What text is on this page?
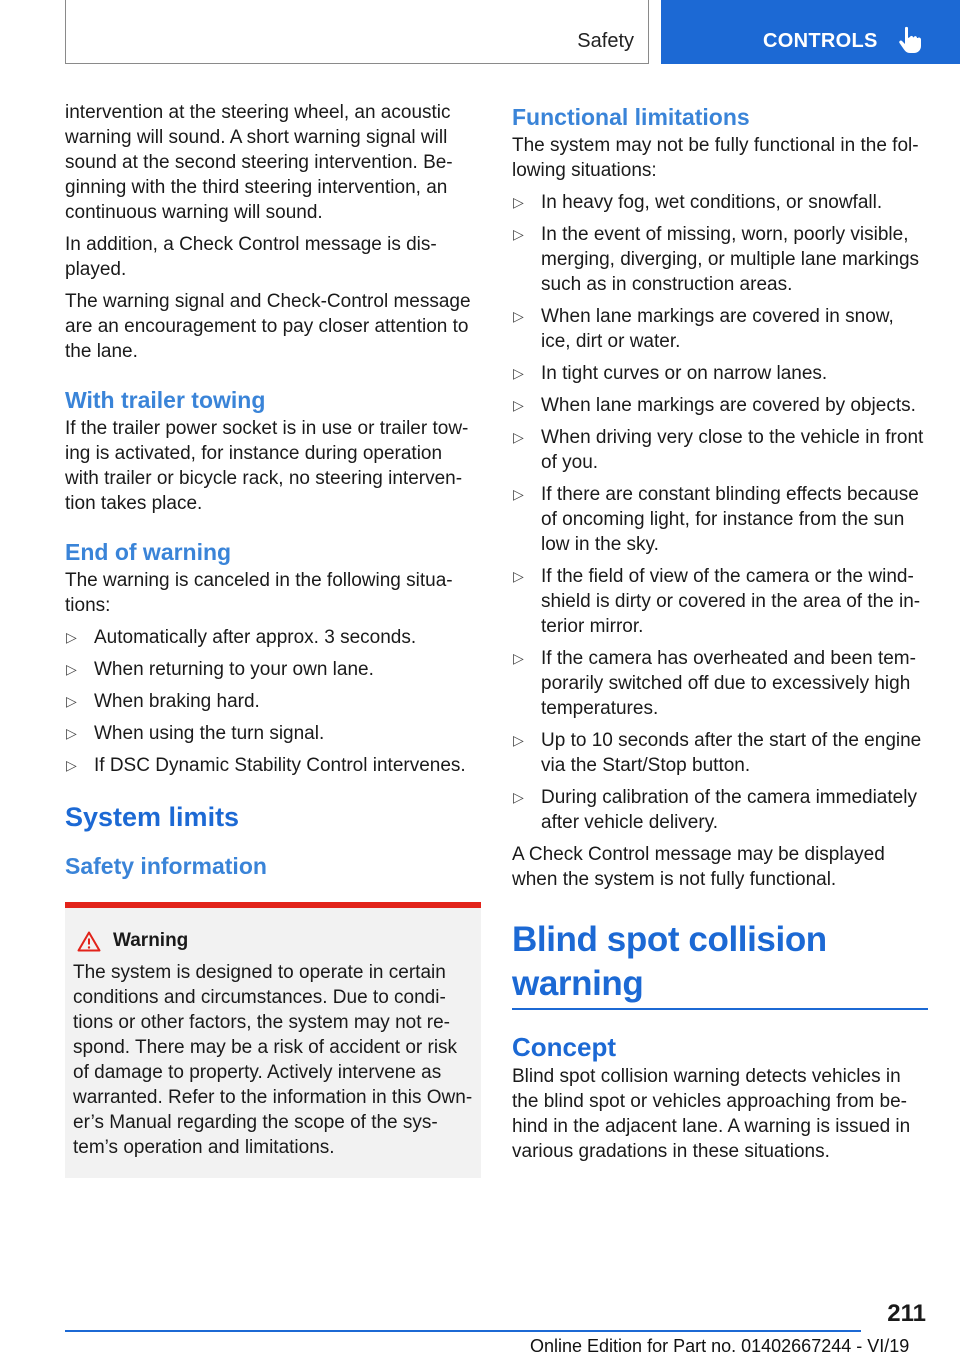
Safety	CONTROLS

intervention at the steering wheel, an acoustic warning will sound. A short warning signal will sound at the second steering intervention. Be‐ginning with the third steering intervention, an continuous warning will sound.

In addition, a Check Control message is dis‐played.

The warning signal and Check-Control message are an encouragement to pay closer attention to the lane.

With trailer towing

If the trailer power socket is in use or trailer tow‐ing is activated, for instance during operation with trailer or bicycle rack, no steering interven‐tion takes place.

End of warning

The warning is canceled in the following situa‐tions:

▷ Automatically after approx. 3 seconds.
▷ When returning to your own lane.
▷ When braking hard.
▷ When using the turn signal.
▷ If DSC Dynamic Stability Control intervenes.
System limits
Safety information
Warning

The system is designed to operate in certain conditions and circumstances. Due to condi‐tions or other factors, the system may not re‐spond. There may be a risk of accident or risk of damage to property. Actively intervene as warranted. Refer to the information in this Own‐er’s Manual regarding the scope of the sys‐tem’s operation and limitations.

Functional limitations

The system may not be fully functional in the fol‐lowing situations:

▷ In heavy fog, wet conditions, or snowfall.
▷ In the event of missing, worn, poorly visible, merging, diverging, or multiple lane markings such as in construction areas.
▷ When lane markings are covered in snow, ice, dirt or water.
▷ In tight curves or on narrow lanes.
▷ When lane markings are covered by objects.
▷ When driving very close to the vehicle in front of you.
▷ If there are constant blinding effects because of oncoming light, for instance from the sun low in the sky.
▷ If the field of view of the camera or the wind‐shield is dirty or covered in the area of the in‐terior mirror.
▷ If the camera has overheated and been tem‐porarily switched off due to excessively high temperatures.
▷ Up to 10 seconds after the start of the engine via the Start/Stop button.
▷ During calibration of the camera immediately after vehicle delivery.

A Check Control message may be displayed when the system is not fully functional.

Blind spot collision warning
Concept

Blind spot collision warning detects vehicles in the blind spot or vehicles approaching from be‐hind in the adjacent lane. A warning is issued in various gradations in these situations.

211
Online Edition for Part no. 01402667244 - VI/19
